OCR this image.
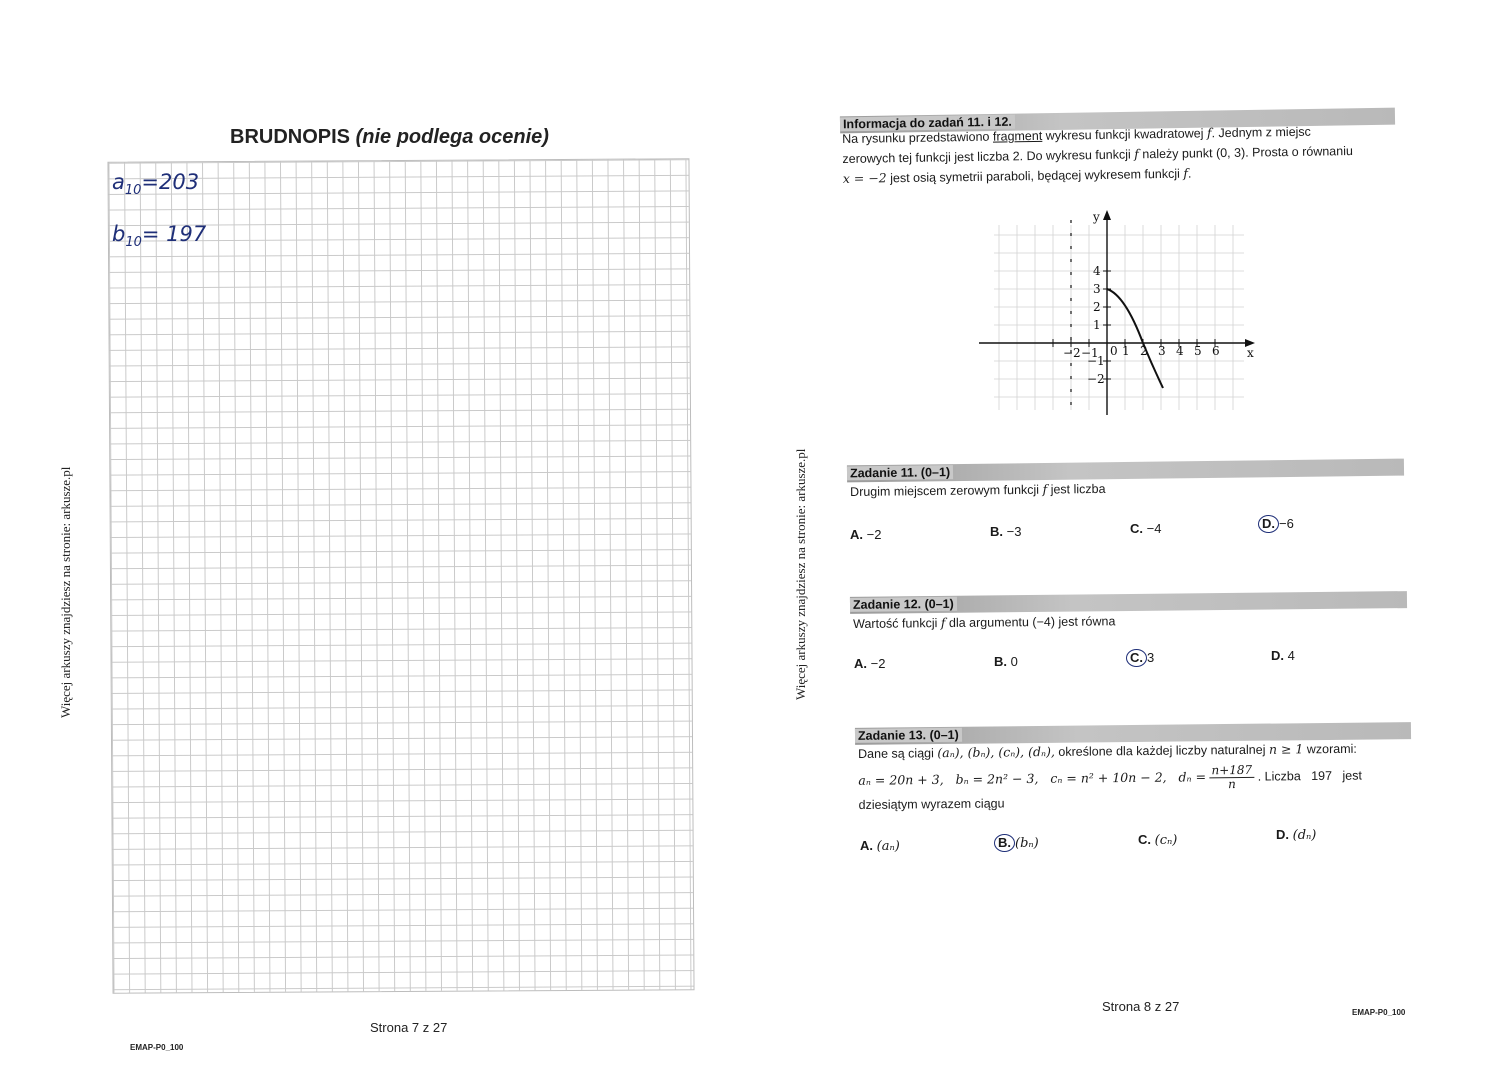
Więcej arkuszy znajdziesz na stronie: arkusze.pl
BRUDNOPIS (nie podlega ocenie)
$a_{10}=203$
$b_{10}= 197$
Strona 7 z 27
EMAP-P0_100
Więcej arkuszy znajdziesz na stronie: arkusze.pl
Informacja do zadań 11. i 12.

Na rysunku przedstawiono fragment wykresu funkcji kwadratowej f. Jednym z miejsc

zerowych tej funkcji jest liczba 2. Do wykresu funkcji f należy punkt (0, 3). Prosta o równaniu

x = −2 jest osią symetrii paraboli, będącej wykresem funkcji f.

x
y
−2 −1 0 1 2 3 4 5 6
4
3
2
1
−1
−2
Zadanie 11. (0–1)
Drugim miejscem zerowym funkcji f jest liczba
A. −2	B. −3	C. −4	D. −6
Zadanie 12. (0–1)
Wartość funkcji f dla argumentu (−4) jest równa
A. −2	B. 0	C. 3	D. 4
Zadanie 13. (0–1)
Dane są ciągi (aₙ), (bₙ), (cₙ), (dₙ), określone dla każdej liczby naturalnej n ≥ 1 wzorami:
aₙ = 20n + 3,   bₙ = 2n² − 3,   cₙ = n² + 10n − 2,   $d_n = \frac{n+187}{n}$ . Liczba 197 jest
dziesiątym wyrazem ciągu
A. (aₙ)	B. (bₙ)	C. (cₙ)	D. (dₙ)
Strona 8 z 27	EMAP-P0_100
